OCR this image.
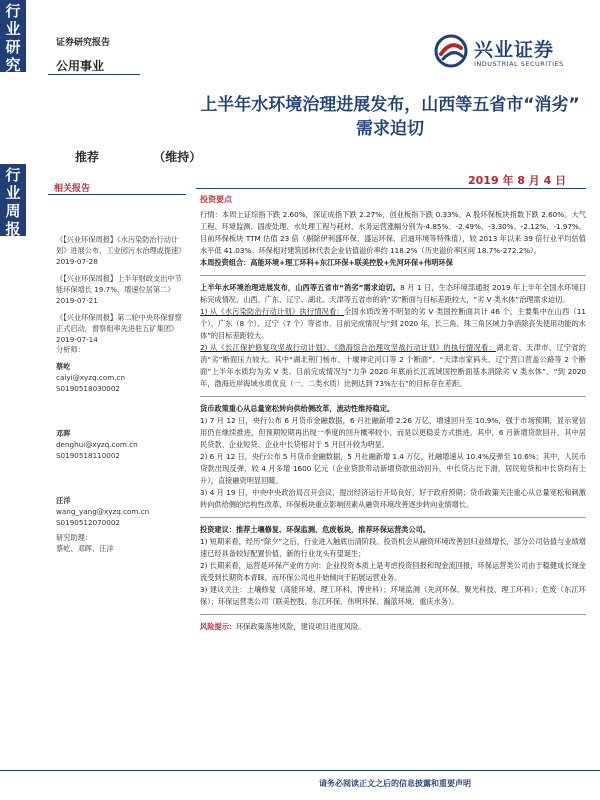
行
业
研
究
证券研究报告
公用事业
兴业证券
INDUSTRIAL SECURITIES
上半年水环境治理进展发布，山西等五省市“消劣”
需求迫切
推荐	（维持）
2019 年 8 月 4 日
行
业
周
报
相关报告
《【兴业环保周报】《水污染防治行动计划》进展公布，工业园污水治理或提速》2019-07-28
《【兴业环保周报】上半年财政支出中节能环保增长 19.7%，增速位居第二》2019-07-21
《【兴业环保周报】第二轮中央环保督察正式启动，督察组率先进驻五矿集团》2019-07-14
分析师：
蔡屹
caiyi@xyzq.com.cn
S0190518030002
邓晖
denghui@xyzq.com.cn
S0190518110002
汪洋
wang_yang@xyzq.com.cn
S0190512070002
研究助理：
蔡屹、邓晖、汪洋
投资要点
行情：本周上证综指下跌 2.60%，深证成指下跌 2.27%，创业板指下跌 0.33%。A 股环保板块指数下跌 2.60%。大气工程、环境监测、固废处理、水处理工程与耗材、水务运营涨幅分别为-4.85%、-2.49%、-3.30%、-2.12%、-1.97%。目前环保板块 TTM 估值 23 倍（剔除伊利盛环保、盛运环保、启迪环境等特殊值），较 2013 年以来 39 倍行业平均估值水平低 41.03%。环保相对建筑园林代表企业估值溢价率约 118.2%（历史溢价率区间 18.7%-272.2%）。
本周投资组合：高能环境+理工环科+东江环保+联美控股+先河环保+伟明环保
上半年水环境治理进展发布，山西等五省市“消劣”需求迫切。8 月 1 日，生态环境部通报 2019 年上半年全国水环境目标完成情况，山西、广东、辽宁、湖北、天津等五省市的消“劣”断面与目标差距较大，“劣 V 类水体”治理需求迫切。
1) 从《水污染防治行动计划》执行情况看：全国水质改善不明显的劣 V 类国控断面共计 46 个，主要集中在山西（11 个）、广东（8 个）、辽宁（7 个）等省市。目前完成情况与“到 2020 年，长三角、珠三角区域力争消除丧失使用功能的水体”的目标差距较大。
2) 从《长江保护修复攻坚战行动计划》、《渤海综合治理攻坚战行动计划》的执行情况看：湖北省、天津市、辽宁省的消“劣”断面压力较大。其中“湖北荆门杨市、十堰神定河口等 2 个断面”、“天津市家码头、辽宁营口营盖公路等 2 个断面”上半年水质均为劣 V 类。目前完成情况与“力争 2020 年底前长江流域国控断面基本消除劣 V 类水体”、“到 2020 年，渤海近岸海域水质优良（一、二类水质）比例达到 73%左右”的目标存在差距。
货币政策重心从总量宽松转向供给侧改革，流动性维持稳定。
1) 7 月 12 日，央行公布 6 月货币金融数据，6 月社融新增 2.26 万亿，增速回升至 10.9%，强于市场预期，显示宽信用仍在继续推进，但预期短期再出现一季度的回升概率较小，而是以更稳妥方式推进。其中，6 月新增贷款回升，其中居民贷款、企业短贷、企业中长贷相对于 5 月回升较为明显。
2) 6 月 12 日，央行公布 5 月货币金融数据，5 月社融新增 1.4 万亿，社融增速从 10.4%反弹至 10.6%；其中，人民币贷款出现反弹，较 4 月多增 1600 亿元（企业贷款带动新增贷款扭动回升，中长贷占比下滑，居民短贷和中长贷均有上升），直接融资明显回暖。
3) 4 月 19 日，中央中央政治局召开会议，提出经济运行开局良好，好于政府预期；货币政策关注重心从总量宽松和刺激转向供给侧的结构性改革，环保板块重点影响因素从融资环境改善逐步转向业绩增长。
投资建议：推荐土壤修复、环保监测、危废板块，推荐环保运营类公司。
1) 短期来看，经历“除夕”之后，行业进入触底出清阶段。投资机会从融资环境改善回归业绩增长，部分公司估值与业绩增速已经具备较好配置价值，新的行业龙头有望诞生；
2) 长期来看，运营是环保产业的方向：企业投资本质上是考虑投资回报和现金流回报，环保运营类公司由于稳健成长现金流受到长期资本青睐，而环保公司也开始倾向于拓展运营业务。
3) 建议关注：土壤修复（高能环境、理工环科、博世科）；环境监测（先河环保、聚光科技、理工环科）；危废（东江环保）；环保运营类公司（联美控股、东江环保、伟明环保、瀚蓝环境、重庆水务）。
风险提示：环保政策落地风险，建设项目进度风险。
请务必阅读正文之后的信息披露和重要声明
